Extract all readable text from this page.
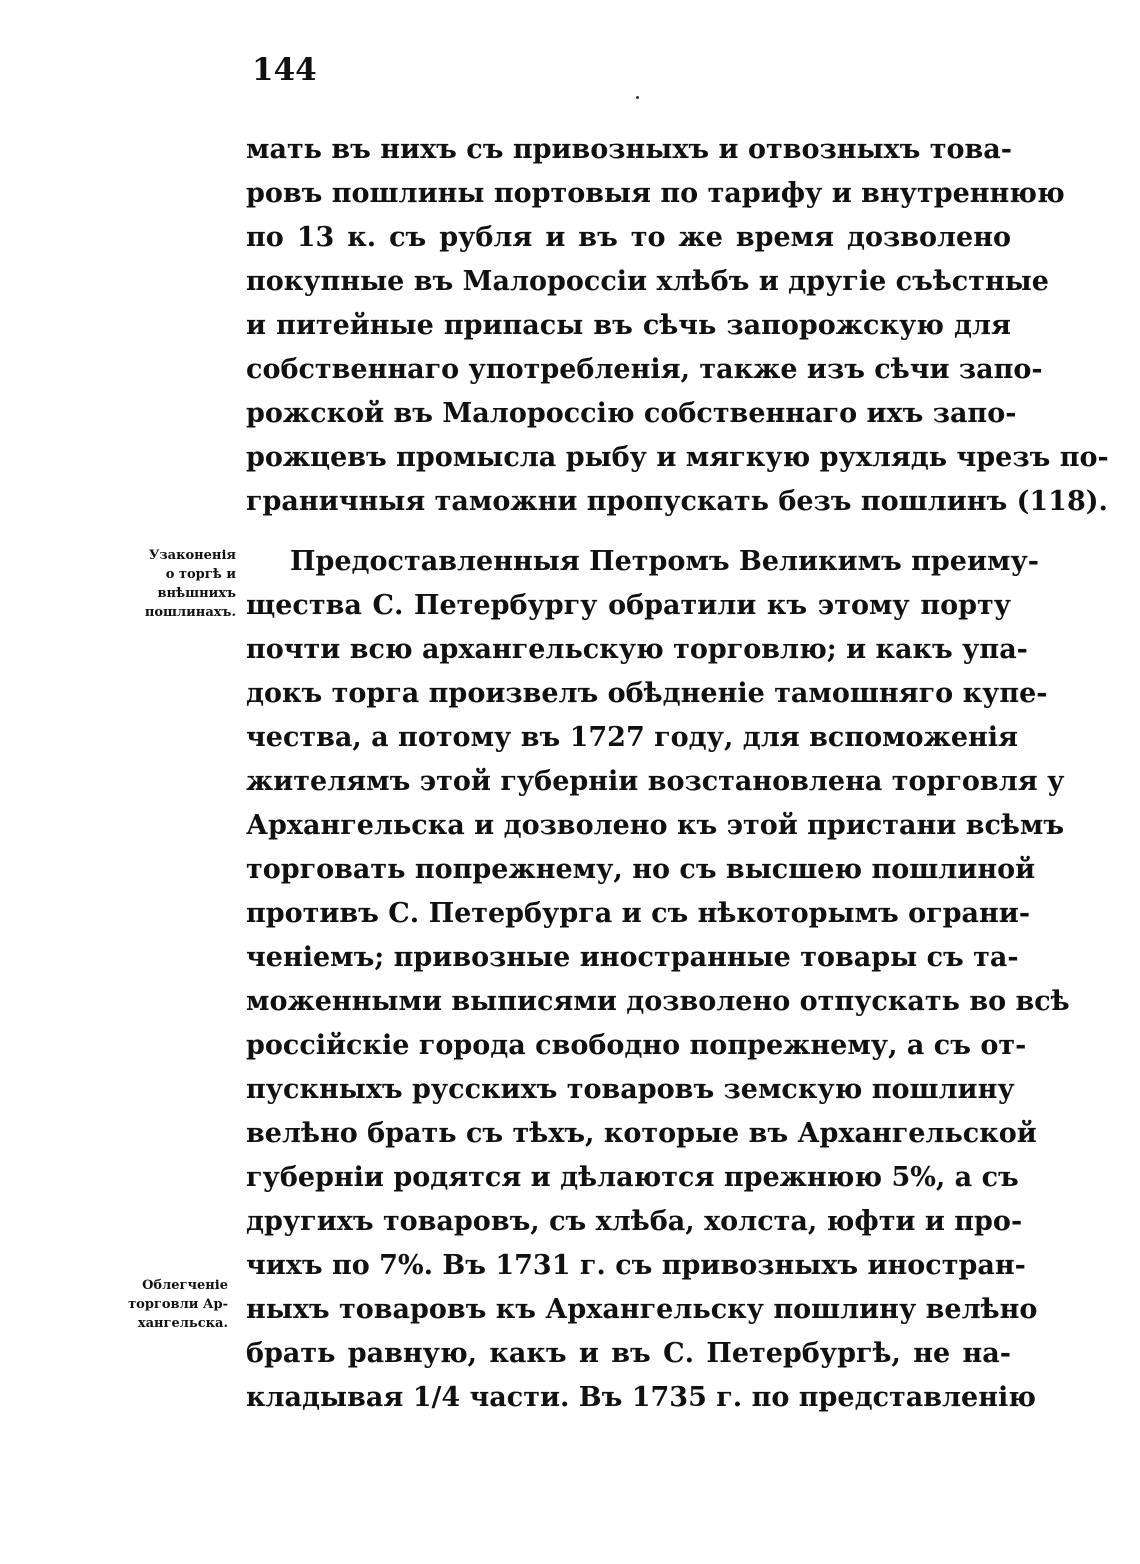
144
мать въ нихъ съ привозныхъ и отвозныхъ това-
ровъ пошлины портовыя по тарифу и внутреннюю
по 13 к. съ рубля и въ то же время дозволено
покупные въ Малороссіи хлѣбъ и другіе съѣстные
и питейные припасы въ сѣчь запорожскую для
собственнаго употребленія, также изъ сѣчи запо-
рожской въ Малороссію собственнаго ихъ запо-
рожцевъ промысла рыбу и мягкую рухлядь чрезъ по-
граничныя таможни пропускать безъ пошлинъ (118).
Предоставленныя Петромъ Великимъ преиму-
щества С. Петербургу обратили къ этому порту
почти всю архангельскую торговлю; и какъ упа-
докъ торга произвелъ обѣдненіе тамошняго купе-
чества, а потому въ 1727 году, для вспоможенія
жителямъ этой губерніи возстановлена торговля у
Архангельска и дозволено къ этой пристани всѣмъ
торговать попрежнему, но съ высшею пошлиной
противъ С. Петербурга и съ нѣкоторымъ ограни-
ченіемъ; привозные иностранные товары съ та-
моженными выписями дозволено отпускать во всѣ
россійскіе города свободно попрежнему, а съ от-
пускныхъ русскихъ товаровъ земскую пошлину
велѣно брать съ тѣхъ, которые въ Архангельской
губерніи родятся и дѣлаются прежнюю 5%, а съ
другихъ товаровъ, съ хлѣба, холста, юфти и про-
чихъ по 7%. Въ 1731 г. съ привозныхъ иностран-
ныхъ товаровъ къ Архангельску пошлину велѣно
брать равную, какъ и въ С. Петербургѣ, не на-
кладывая 1/4 части. Въ 1735 г. по представленію
Узаконенія
о торгѣ и
внѣшнихъ
пошлинахъ.
Облегченіе
торговли Ар-
хангельска.
